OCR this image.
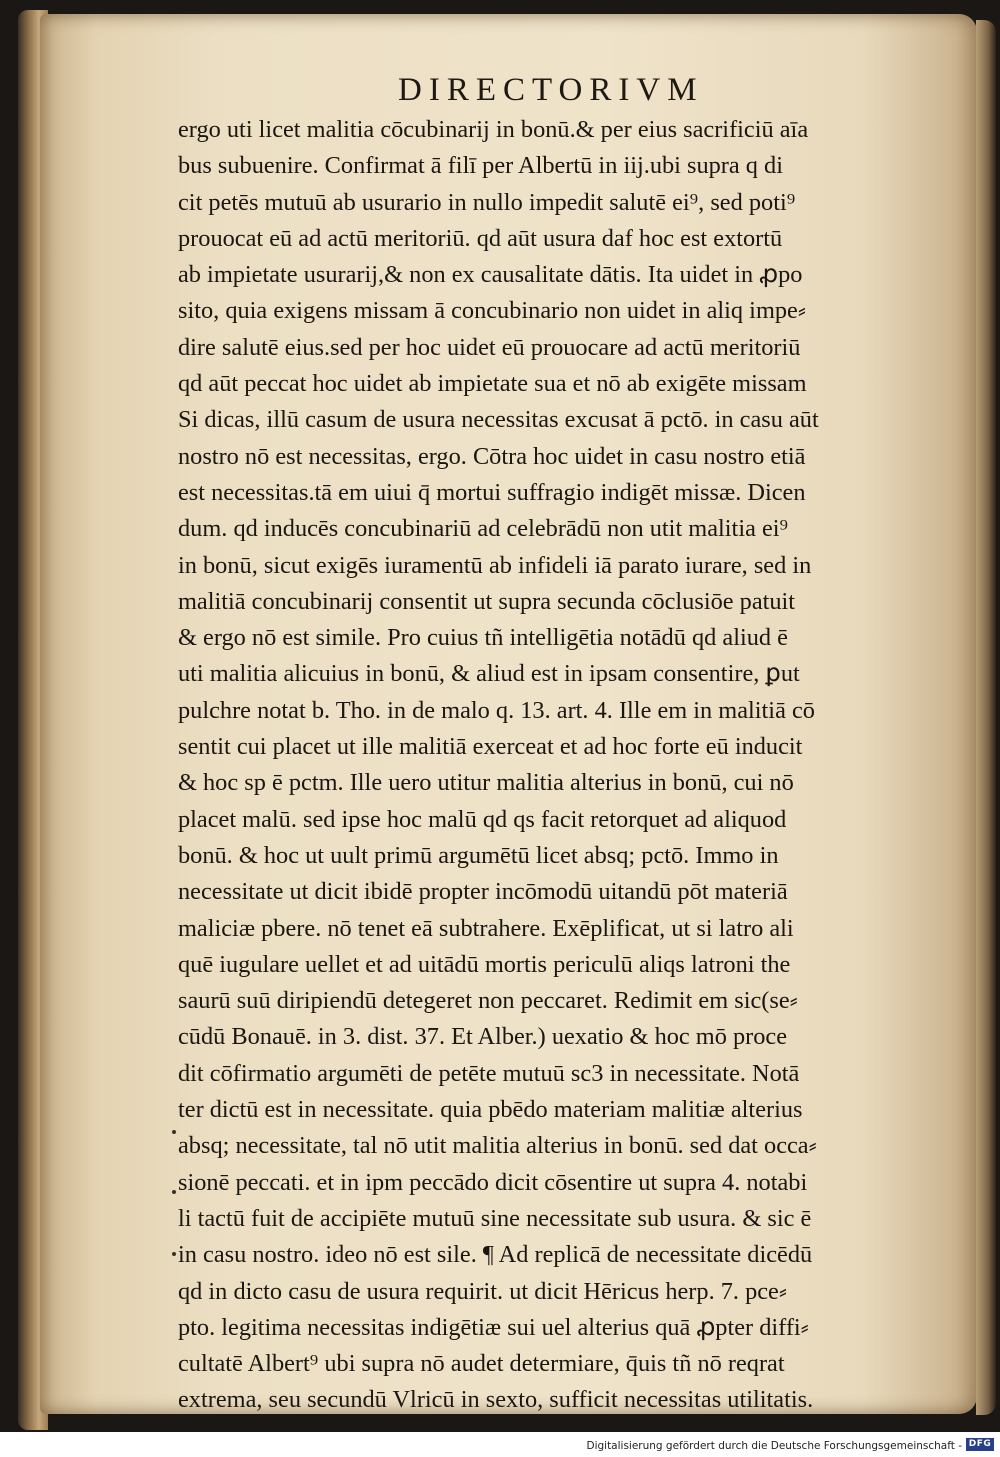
DIRECTORIVM
ergo uti licet malitia cōcubinarij in bonū.& per eius sacrificiū aīa
bus subuenire. Confirmat ā filī per Albertū in iij.ubi supra q di
cit petēs mutuū ab usurario in nullo impedit salutē ei⁹, sed poti⁹
prouocat eū ad actū meritoriū. qd aūt usura daf hoc est extortū
ab impietate usurarij,& non ex causalitate dātis. Ita uidet in ꝓpo
sito, quia exigens missam ā concubinario non uidet in aliq impe⸗
dire salutē eius.sed per hoc uidet eū prouocare ad actū meritoriū
qd aūt peccat hoc uidet ab impietate sua et nō ab exigēte missam
Si dicas, illū casum de usura necessitas excusat ā pctō. in casu aūt
nostro nō est necessitas, ergo. Cōtra hoc uidet in casu nostro etiā
est necessitas.tā em uiui q̄ mortui suffragio indigēt missæ. Dicen
dum. qd inducēs concubinariū ad celebrādū non utit malitia ei⁹
in bonū, sicut exigēs iuramentū ab infideli iā parato iurare, sed in
malitiā concubinarij consentit ut supra secunda cōclusiōe patuit
& ergo nō est simile. Pro cuius tñ intelligētia notādū qd aliud ē
uti malitia alicuius in bonū, & aliud est in ipsam consentire, ꝑut
pulchre notat b. Tho. in de malo q. 13. art. 4. Ille em in malitiā cō
sentit cui placet ut ille malitiā exerceat et ad hoc forte eū inducit
& hoc sp ē pctm. Ille uero utitur malitia alterius in bonū, cui nō
placet malū. sed ipse hoc malū qd qs facit retorquet ad aliquod
bonū. & hoc ut uult primū argumētū licet absq; pctō. Immo in
necessitate ut dicit ibidē propter incōmodū uitandū pōt materiā
maliciæ pbere. nō tenet eā subtrahere. Exēplificat, ut si latro ali
quē iugulare uellet et ad uitādū mortis periculū aliqs latroni the
saurū suū diripiendū detegeret non peccaret. Redimit em sic(se⸗
cūdū Bonauē. in 3. dist. 37. Et Alber.) uexatio & hoc mō proce
dit cōfirmatio argumēti de petēte mutuū sc3 in necessitate. Notā
ter dictū est in necessitate. quia pbēdo materiam malitiæ alterius
absq; necessitate, tal nō utit malitia alterius in bonū. sed dat occa⸗
sionē peccati. et in ipm peccādo dicit cōsentire ut supra 4. notabi
li tactū fuit de accipiēte mutuū sine necessitate sub usura. & sic ē
in casu nostro. ideo nō est sile. ¶ Ad replicā de necessitate dicēdū
qd in dicto casu de usura requirit. ut dicit Hēricus herp. 7. pce⸗
pto. legitima necessitas indigētiæ sui uel alterius quā ꝓpter diffi⸗
cultatē Albert⁹ ubi supra nō audet determiare, q̄uis tñ nō reqrat
extrema, seu secundū Vlricū in sexto, sufficit necessitas utilitatis.
Digitalisierung gefördert durch die Deutsche Forschungsgemeinschaft - DFG
